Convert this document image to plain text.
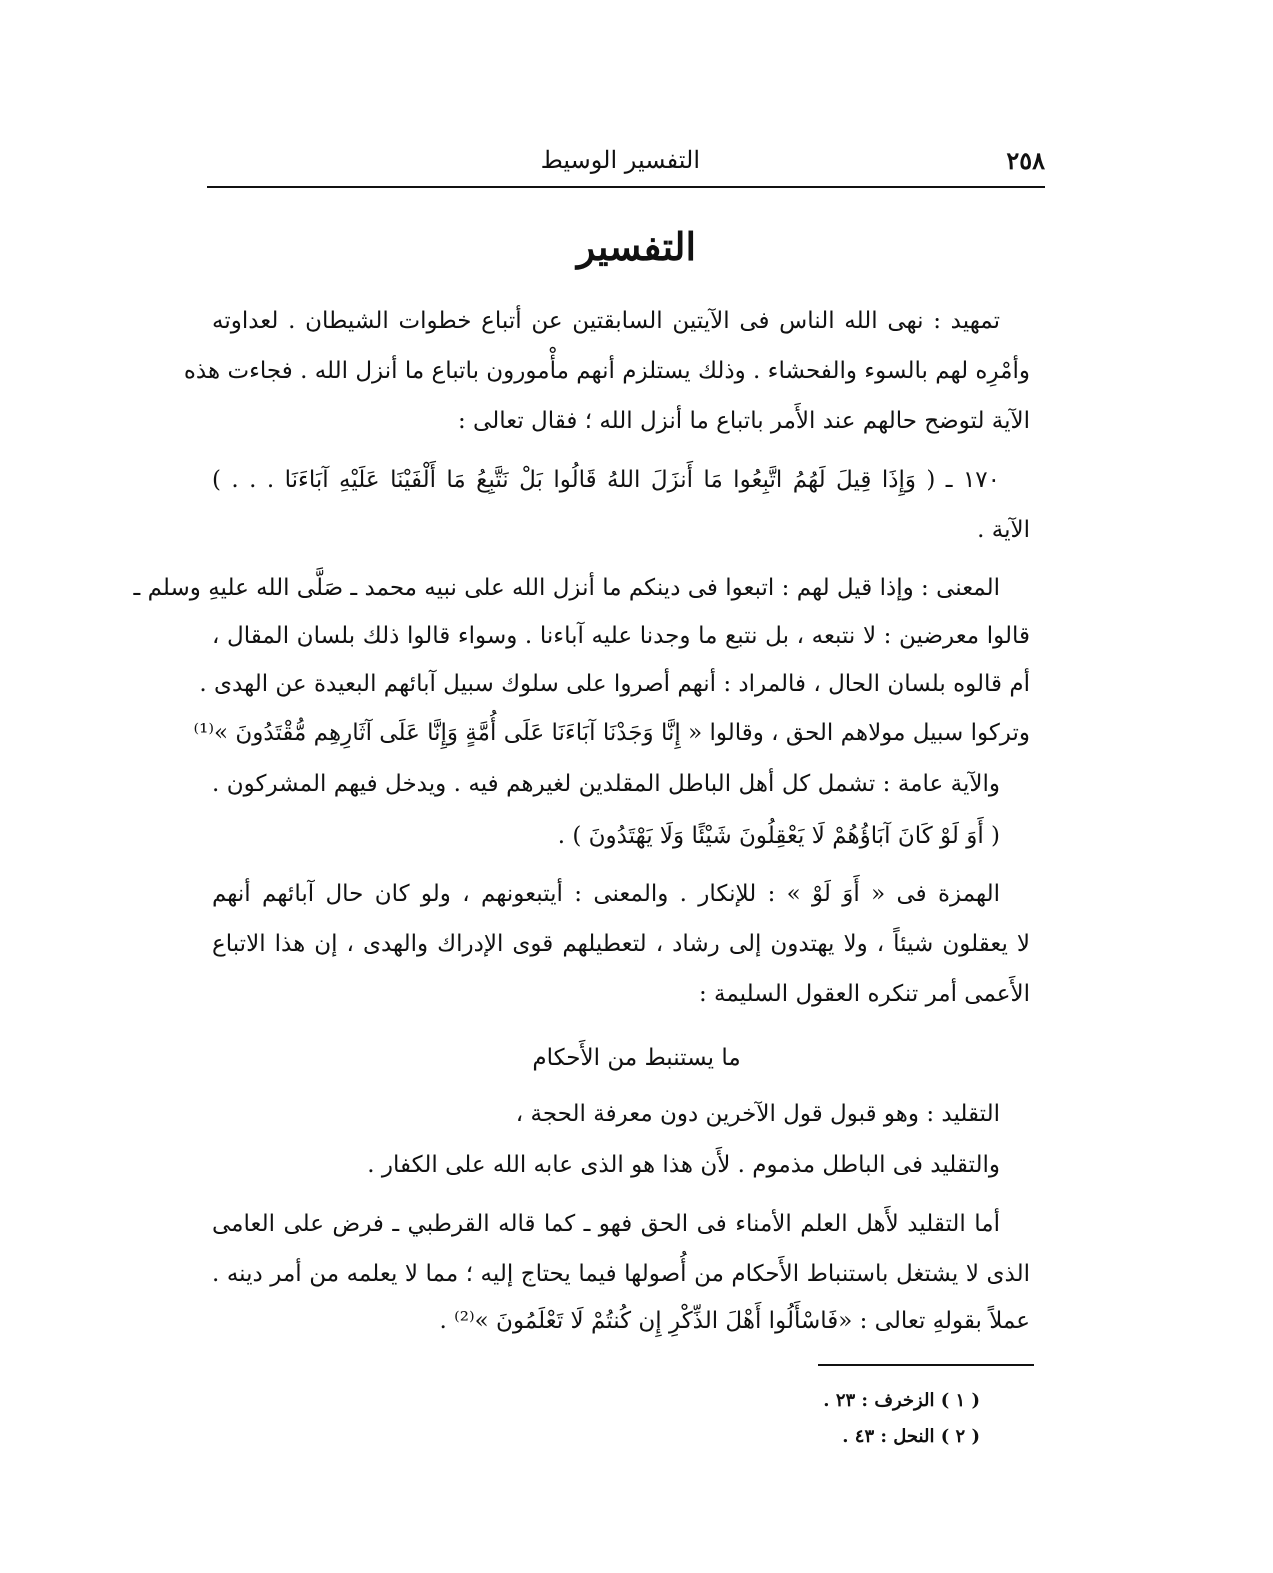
٢٥٨
التفسير الوسيط
التفسير
تمهيد : نهى الله الناس فى الآيتين السابقتين عن أتباع خطوات الشيطان . لعداوته
وأمْرِه لهم بالسوء والفحشاء . وذلك يستلزم أنهم مأْمورون باتباع ما أنزل الله . فجاءت هذه
الآية لتوضح حالهم عند الأَمر باتباع ما أنزل الله ؛ فقال تعالى :
١٧٠ ـ ( وَإِذَا قِيلَ لَهُمُ اتَّبِعُوا مَا أَنزَلَ اللهُ قَالُوا بَلْ نَتَّبِعُ مَا أَلْفَيْنَا عَلَيْهِ آبَاءَنَا . . . )
الآية .
المعنى : وإذا قيل لهم : اتبعوا فى دينكم ما أنزل الله على نبيه محمد ـ صَلَّى الله عليهِ وسلم ـ
قالوا معرضين : لا نتبعه ، بل نتبع ما وجدنا عليه آباءنا . وسواء قالوا ذلك بلسان المقال ،
أم قالوه بلسان الحال ، فالمراد : أنهم أصروا على سلوك سبيل آبائهم البعيدة عن الهدى .
وتركوا سبيل مولاهم الحق ، وقالوا « إِنَّا وَجَدْنَا آبَاءَنَا عَلَى أُمَّةٍ وَإِنَّا عَلَى آثَارِهِم مُّقْتَدُونَ »⁽¹⁾
والآية عامة : تشمل كل أهل الباطل المقلدين لغيرهم فيه . ويدخل فيهم المشركون .
( أَوَ لَوْ كَانَ آبَاؤُهُمْ لَا يَعْقِلُونَ شَيْئًا وَلَا يَهْتَدُونَ ) .
الهمزة فى « أَوَ لَوْ » : للإنكار . والمعنى : أيتبعونهم ، ولو كان حال آبائهم أنهم
لا يعقلون شيئاً ، ولا يهتدون إلى رشاد ، لتعطيلهم قوى الإدراك والهدى ، إن هذا الاتباع
الأَعمى أمر تنكره العقول السليمة :
ما يستنبط من الأَحكام
التقليد : وهو قبول قول الآخرين دون معرفة الحجة ،
والتقليد فى الباطل مذموم . لأَن هذا هو الذى عابه الله على الكفار .
أما التقليد لأَهل العلم الأمناء فى الحق فهو ـ كما قاله القرطبي ـ فرض على العامى
الذى لا يشتغل باستنباط الأَحكام من أُصولها فيما يحتاج إليه ؛ مما لا يعلمه من أمر دينه .
عملاً بقولهِ تعالى : «فَاسْأَلُوا أَهْلَ الذِّكْرِ إِن كُنتُمْ لَا تَعْلَمُونَ »⁽²⁾ .
( ١ ) الزخرف : ٢٣ .
( ٢ ) النحل : ٤٣ .
